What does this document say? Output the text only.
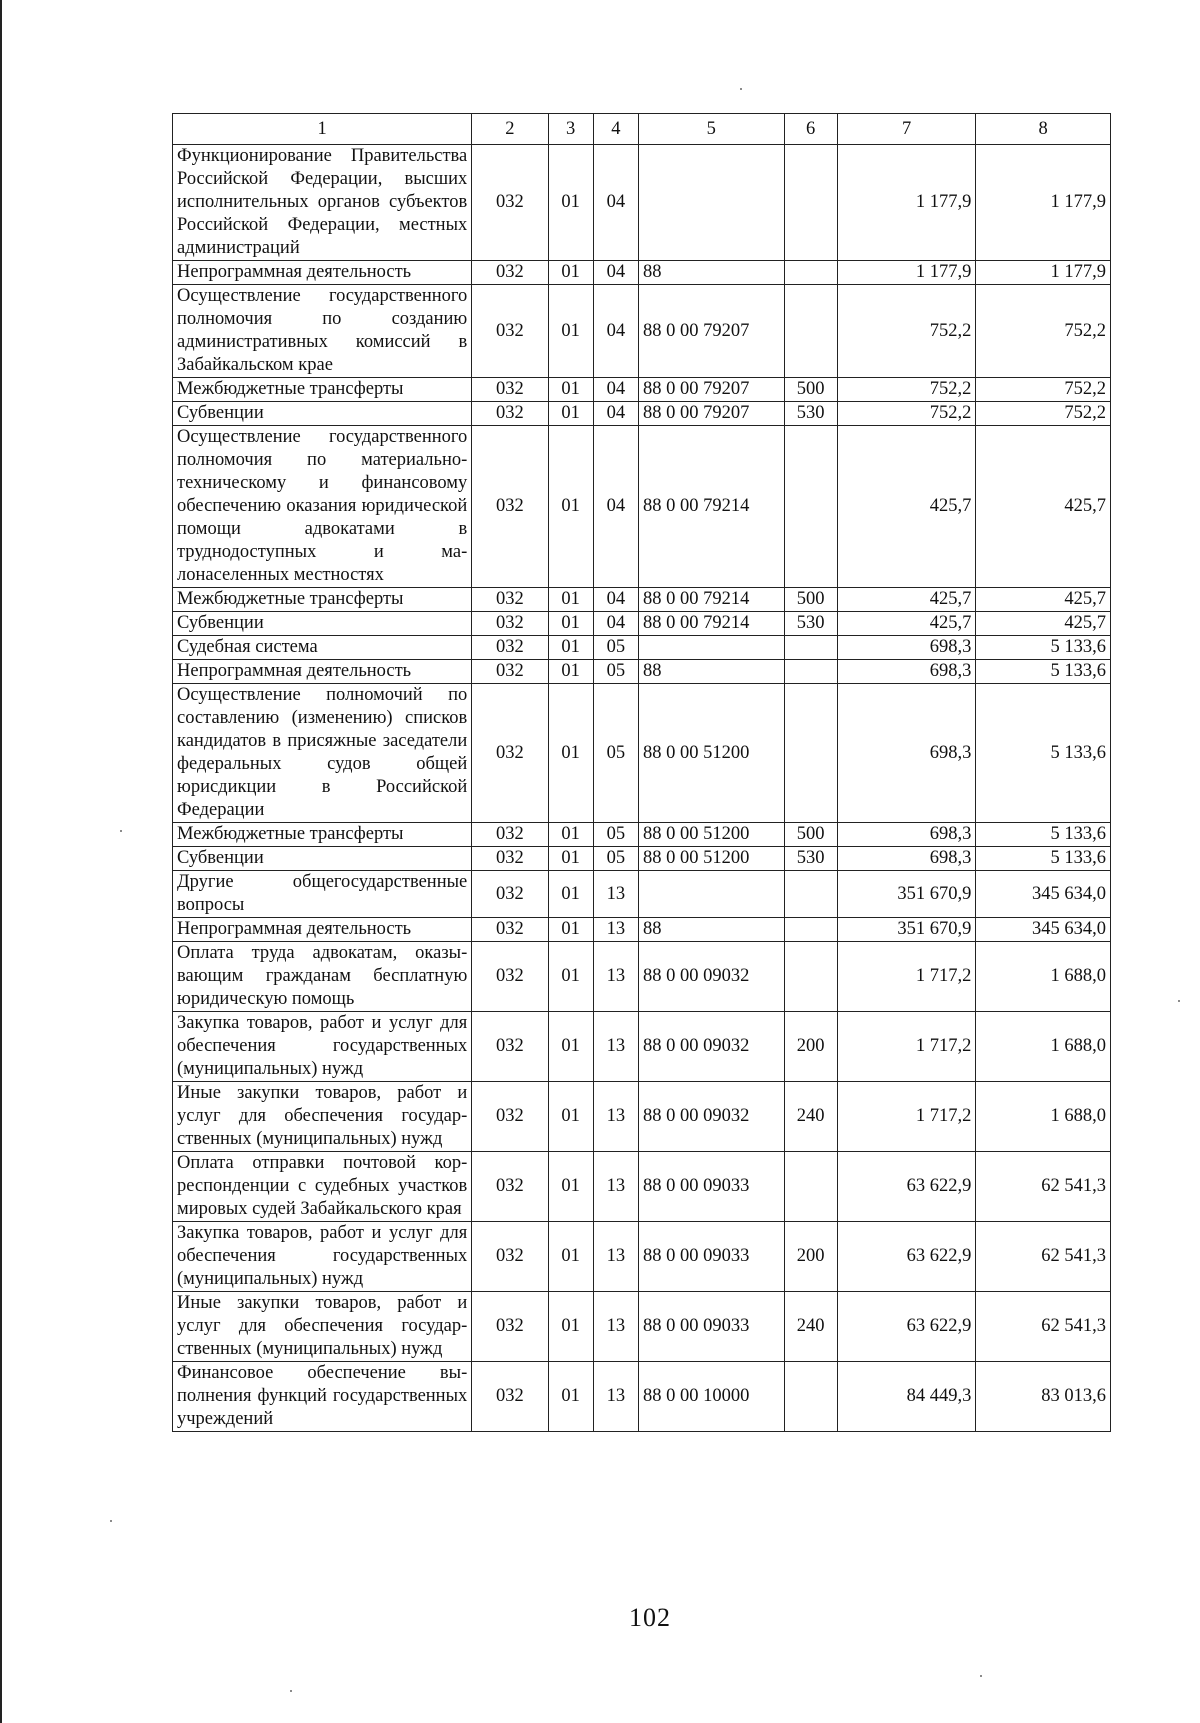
1	2	3	4	5	6	7	8
Функционирование Правительства Российской Федерации, высших исполнительных органов субъектов Российской Федерации, местных администраций	032	01	04			1 177,9	1 177,9
Непрограммная деятельность	032	01	04	88		1 177,9	1 177,9
Осуществление государственного полномочия по созданию административных комиссий в Забайкальском крае	032	01	04	88 0 00 79207		752,2	752,2
Межбюджетные трансферты	032	01	04	88 0 00 79207	500	752,2	752,2
Субвенции	032	01	04	88 0 00 79207	530	752,2	752,2
Осуществление государственного полномочия по материально-техническому и финансовому обеспечению оказания юридической помощи адвокатами в труднодоступных и малонаселенных местностях	032	01	04	88 0 00 79214		425,7	425,7
Межбюджетные трансферты	032	01	04	88 0 00 79214	500	425,7	425,7
Субвенции	032	01	04	88 0 00 79214	530	425,7	425,7
Судебная система	032	01	05			698,3	5 133,6
Непрограммная деятельность	032	01	05	88		698,3	5 133,6
Осуществление полномочий по составлению (изменению) списков кандидатов в присяжные заседатели федеральных судов общей юрисдикции в Российской Федерации	032	01	05	88 0 00 51200		698,3	5 133,6
Межбюджетные трансферты	032	01	05	88 0 00 51200	500	698,3	5 133,6
Субвенции	032	01	05	88 0 00 51200	530	698,3	5 133,6
Другие общегосударственные вопросы	032	01	13			351 670,9	345 634,0
Непрограммная деятельность	032	01	13	88		351 670,9	345 634,0
Оплата труда адвокатам, оказывающим гражданам бесплатную юридическую помощь	032	01	13	88 0 00 09032		1 717,2	1 688,0
Закупка товаров, работ и услуг для обеспечения государственных (муниципальных) нужд	032	01	13	88 0 00 09032	200	1 717,2	1 688,0
Иные закупки товаров, работ и услуг для обеспечения государственных (муниципальных) нужд	032	01	13	88 0 00 09032	240	1 717,2	1 688,0
Оплата отправки почтовой корреспонденции с судебных участков мировых судей Забайкальского края	032	01	13	88 0 00 09033		63 622,9	62 541,3
Закупка товаров, работ и услуг для обеспечения государственных (муниципальных) нужд	032	01	13	88 0 00 09033	200	63 622,9	62 541,3
Иные закупки товаров, работ и услуг для обеспечения государственных (муниципальных) нужд	032	01	13	88 0 00 09033	240	63 622,9	62 541,3
Финансовое обеспечение выполнения функций государственных учреждений	032	01	13	88 0 00 10000		84 449,3	83 013,6
102
